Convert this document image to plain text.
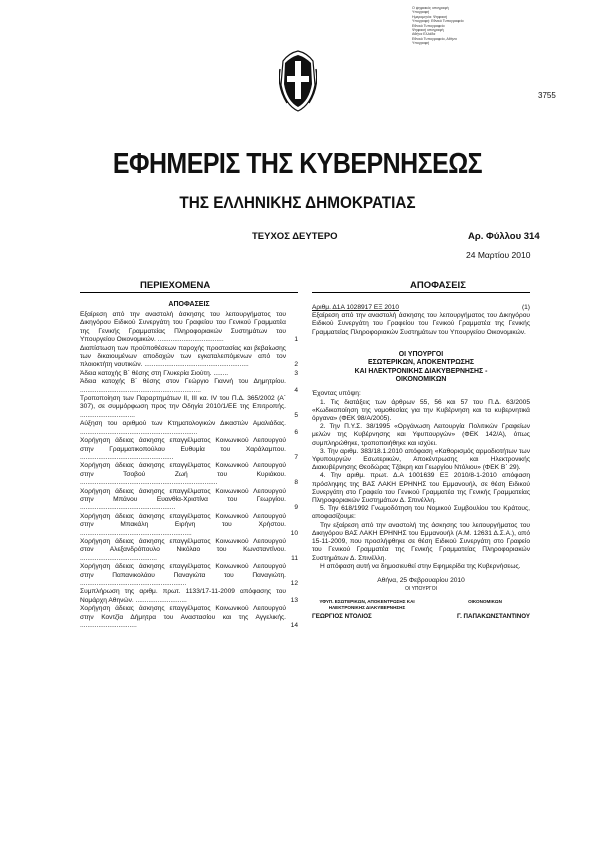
Ο ψηφιακός υπογραφή
Υπογραφή
Ημερομηνία: Ψηφιακή
Υπογραφή: Εθνικό Τυπογραφείο
Εθνικό Τυπογραφείο
Ψηφιακή υπογραφή
Αθήνα Ελλάδα
Εθνικό Τυπογραφείο, Αθήνα
Υπογραφή
3755
ΕΦΗΜΕΡΙΣ ΤΗΣ ΚΥΒΕΡΝΗΣΕΩΣ
ΤΗΣ ΕΛΛΗΝΙΚΗΣ ΔΗΜΟΚΡΑΤΙΑΣ
ΤΕΥΧΟΣ ΔΕΥΤΕΡΟ	Αρ. Φύλλου 314
24 Μαρτίου 2010
ΠΕΡΙΕΧΟΜΕΝΑ	ΑΠΟΦΑΣΕΙΣ
ΑΠΟΦΑΣΕΙΣ
Εξαίρεση από την αναστολή άσκησης του λειτουργήματος του Δικηγόρου Ειδικού Συνεργάτη του Γραφείου του Γενικού Γραμματέα της Γενικής Γραμματείας Πληροφοριακών Συστημάτων του Υπουργείου Οικονομικών. ....................................	1
Διαπίστωση των προϋποθέσεων παροχής προστασίας και βεβαίωσης των δικαιουμένων αποδοχών των εγκαταλειπόμενων από τον πλοιοκτήτη ναυτικών. .........................................................	2
Άδεια κατοχής Β΄ θέσης στη Γλυκερία Σιούτη. ........	3
Άδεια κατοχής Β΄ θέσης στον Γεώργιο Γιαννή του Δημητρίου. ..................................................................	4
Τροποποίηση των Παραρτημάτων ΙΙ, ΙΙΙ κα. IV του Π.Δ. 365/2002 (Α΄ 307), σε συμμόρφωση προς την Οδηγία 2010/1/ΕΕ της Επιτροπής. ..............................	5
Αύξηση του αριθμού των Κτηματολογικών Δικαστών Αμαλιάδας. ................................................................	6
Χορήγηση άδειας άσκησης επαγγέλματος Κοινωνικού Λειτουργού στην Γραμματικοπούλου Ευθυμία του Χαράλαμπου. ...................................................	7
Χορήγηση άδειας άσκησης επαγγέλματος Κοινωνικού Λειτουργού στην Τσοβού Ζωή του Κυριάκου. ...........................................................................	8
Χορήγηση άδειας άσκησης επαγγέλματος Κοινωνικού Λειτουργού στην Μπάνου Ευανθία-Χριστίνα του Γεωργίου. ....................................................	9
Χορήγηση άδειας άσκησης επαγγέλματος Κοινωνικού Λειτουργού στην Μπακάλη Ειρήνη του Χρήστου. .............................................................	10
Χορήγηση άδειας άσκησης επαγγέλματος Κοινωνικού Λειτουργού στον Αλεξανδρόπουλο Νικόλαο του Κωνσταντίνου. ..........................................	11
Χορήγηση άδειας άσκησης επαγγέλματος Κοινωνικού Λειτουργού στην Παπανικολάου Παναγιώτα του Παναγιώτη. ..........................................................	12
Συμπλήρωση της αριθμ. πρωτ. 1133/17-11-2009 απόφασης του Νομάρχη Αθηνών. ............................	13
Χορήγηση άδειας άσκησης επαγγέλματος Κοινωνικού Λειτουργού στην Κοντζία Δήμητρα του Αναστασίου και της Αγγελικής. ...............................	14
Αριθμ. Δ1Α 1028917 ΕΞ 2010	(1)

Εξαίρεση από την αναστολή άσκησης του λειτουργήματος του Δικηγόρου Ειδικού Συνεργάτη του Γραφείου του Γενικού Γραμματέα της Γενικής Γραμματείας Πληροφοριακών Συστημάτων του Υπουργείου Οικονομικών.

ΟΙ ΥΠΟΥΡΓΟΙ
ΕΣΩΤΕΡΙΚΩΝ, ΑΠΟΚΕΝΤΡΩΣΗΣ
ΚΑΙ ΗΛΕΚΤΡΟΝΙΚΗΣ ΔΙΑΚΥΒΕΡΝΗΣΗΣ -
ΟΙΚΟΝΟΜΙΚΩΝ

Έχοντας υπόψη:

1. Τις διατάξεις των άρθρων 55, 56 και 57 του Π.Δ. 63/2005 «Κωδικοποίηση της νομοθεσίας για την Κυβέρνηση και τα κυβερνητικά όργανα» (ΦΕΚ 98/Α/2005).

2. Την Π.Υ.Σ. 38/1995 «Οργάνωση Λειτουργία Πολιτικών Γραφείων μελών της Κυβέρνησης και Υφυπουργών» (ΦΕΚ 142/Α), όπως συμπληρώθηκε, τροποποιήθηκε και ισχύει.

3. Την αριθμ. 383/18.1.2010 απόφαση «Καθορισμός αρμοδιοτήτων των Υφυπουργών Εσωτερικών, Αποκέντρωσης και Ηλεκτρονικής Διακυβέρνησης Θεοδώρας Τζάκρη και Γεωργίου Ντόλιου» (ΦΕΚ Β΄ 29).

4. Την αριθμ. πρωτ. Δ.Α 1001639 ΕΞ 2010/8-1-2010 απόφαση πρόσληψης της ΒΑΣ ΛΑΚΗ ΕΡΗΝΗΣ του Εμμανουήλ, σε θέση Ειδικού Συνεργάτη στο Γραφείο του Γενικού Γραμματέα της Γενικής Γραμματείας Πληροφοριακών Συστημάτων Δ. Σπινέλλη.

5. Την 618/1992 Γνωμοδότηση του Νομικού Συμβουλίου του Κράτους, αποφασίζουμε:

Την εξαίρεση από την αναστολή της άσκησης του λειτουργήματος του Δικηγόρου ΒΑΣ ΛΑΚΗ ΕΡΗΝΗΣ του Εμμανουήλ (Α.Μ. 12631 Δ.Σ.Α.), από 15-11-2009, που προσλήφθηκε σε θέση Ειδικού Συνεργάτη στο Γραφείο του Γενικού Γραμματέα της Γενικής Γραμματείας Πληροφοριακών Συστημάτων Δ. Σπινέλλη.

Η απόφαση αυτή να δημοσιευθεί στην Εφημερίδα της Κυβερνήσεως.

Αθήνα, 25 Φεβρουαρίου 2010

ΟΙ ΥΠΟΥΡΓΟΙ

ΥΦΥΠ. ΕΣΩΤΕΡΙΚΩΝ, ΑΠΟΚΕΝΤΡΩΣΗΣ ΚΑΙ ΗΛΕΚΤΡΟΝΙΚΗΣ ΔΙΑΚΥΒΕΡΝΗΣΗΣ
ΟΙΚΟΝΟΜΙΚΩΝ
ΓΕΩΡΓΙΟΣ ΝΤΟΛΙΟΣ	Γ. ΠΑΠΑΚΩΝΣΤΑΝΤΙΝΟΥ
